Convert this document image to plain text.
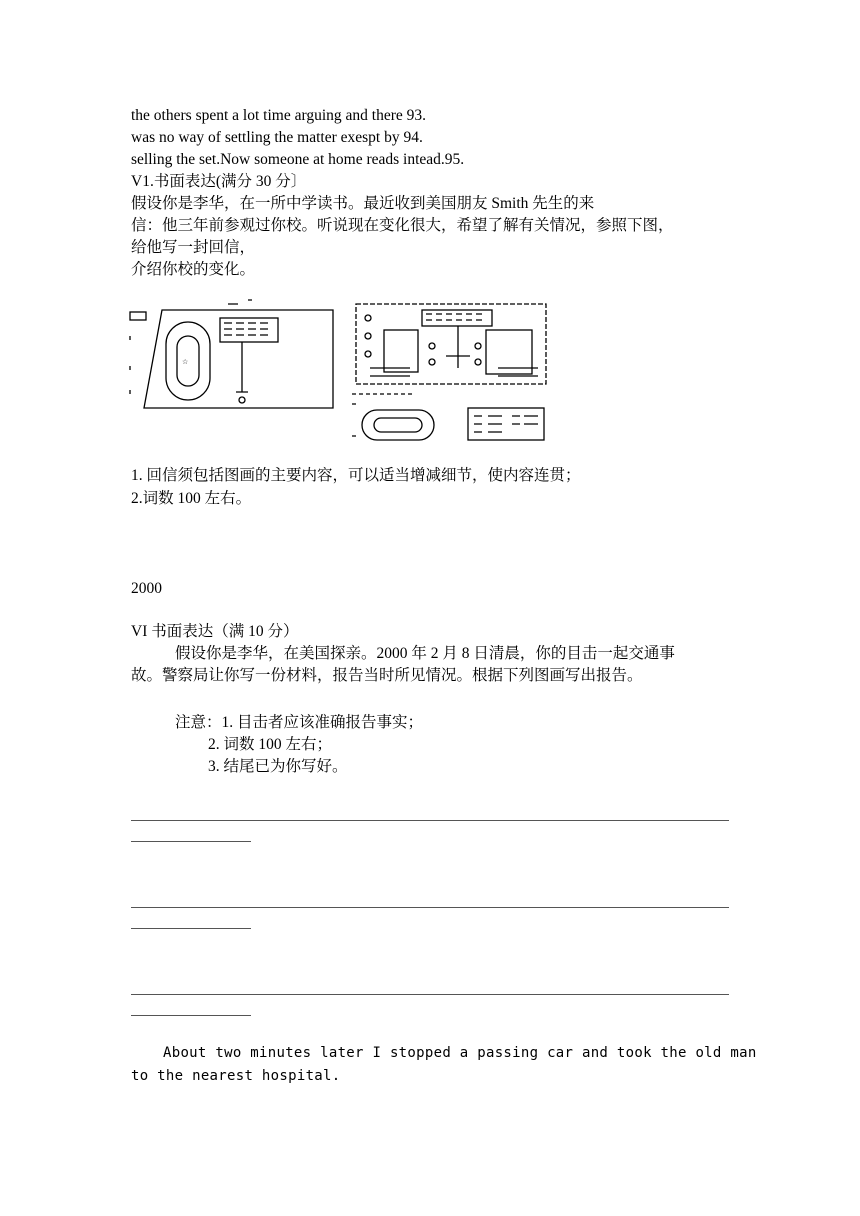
the others spent a lot time arguing and there 93.
was no way of settling the matter exespt by 94.
selling the set.Now someone at home reads intead.95.
V1.书面表达(满分 30 分〕
假设你是李华，在一所中学读书。最近收到美国朋友 Smith 先生的来
信：他三年前参观过你校。听说现在变化很大，希望了解有关情况，参照下图，
给他写一封回信，
介绍你校的变化。
☆
1. 回信须包括图画的主要内容，可以适当增减细节，使内容连贯；
2.词数 100 左右。
2000
VI 书面表达（满 10 分）
假设你是李华，在美国探亲。2000 年 2 月 8 日清晨，你的目击一起交通事
故。警察局让你写一份材料，报告当时所见情况。根据下列图画写出报告。
注意：1. 目击者应该准确报告事实；
2. 词数 100 左右；
3. 结尾已为你写好。
About two minutes later I stopped a passing car and took the old man
to the nearest hospital.
